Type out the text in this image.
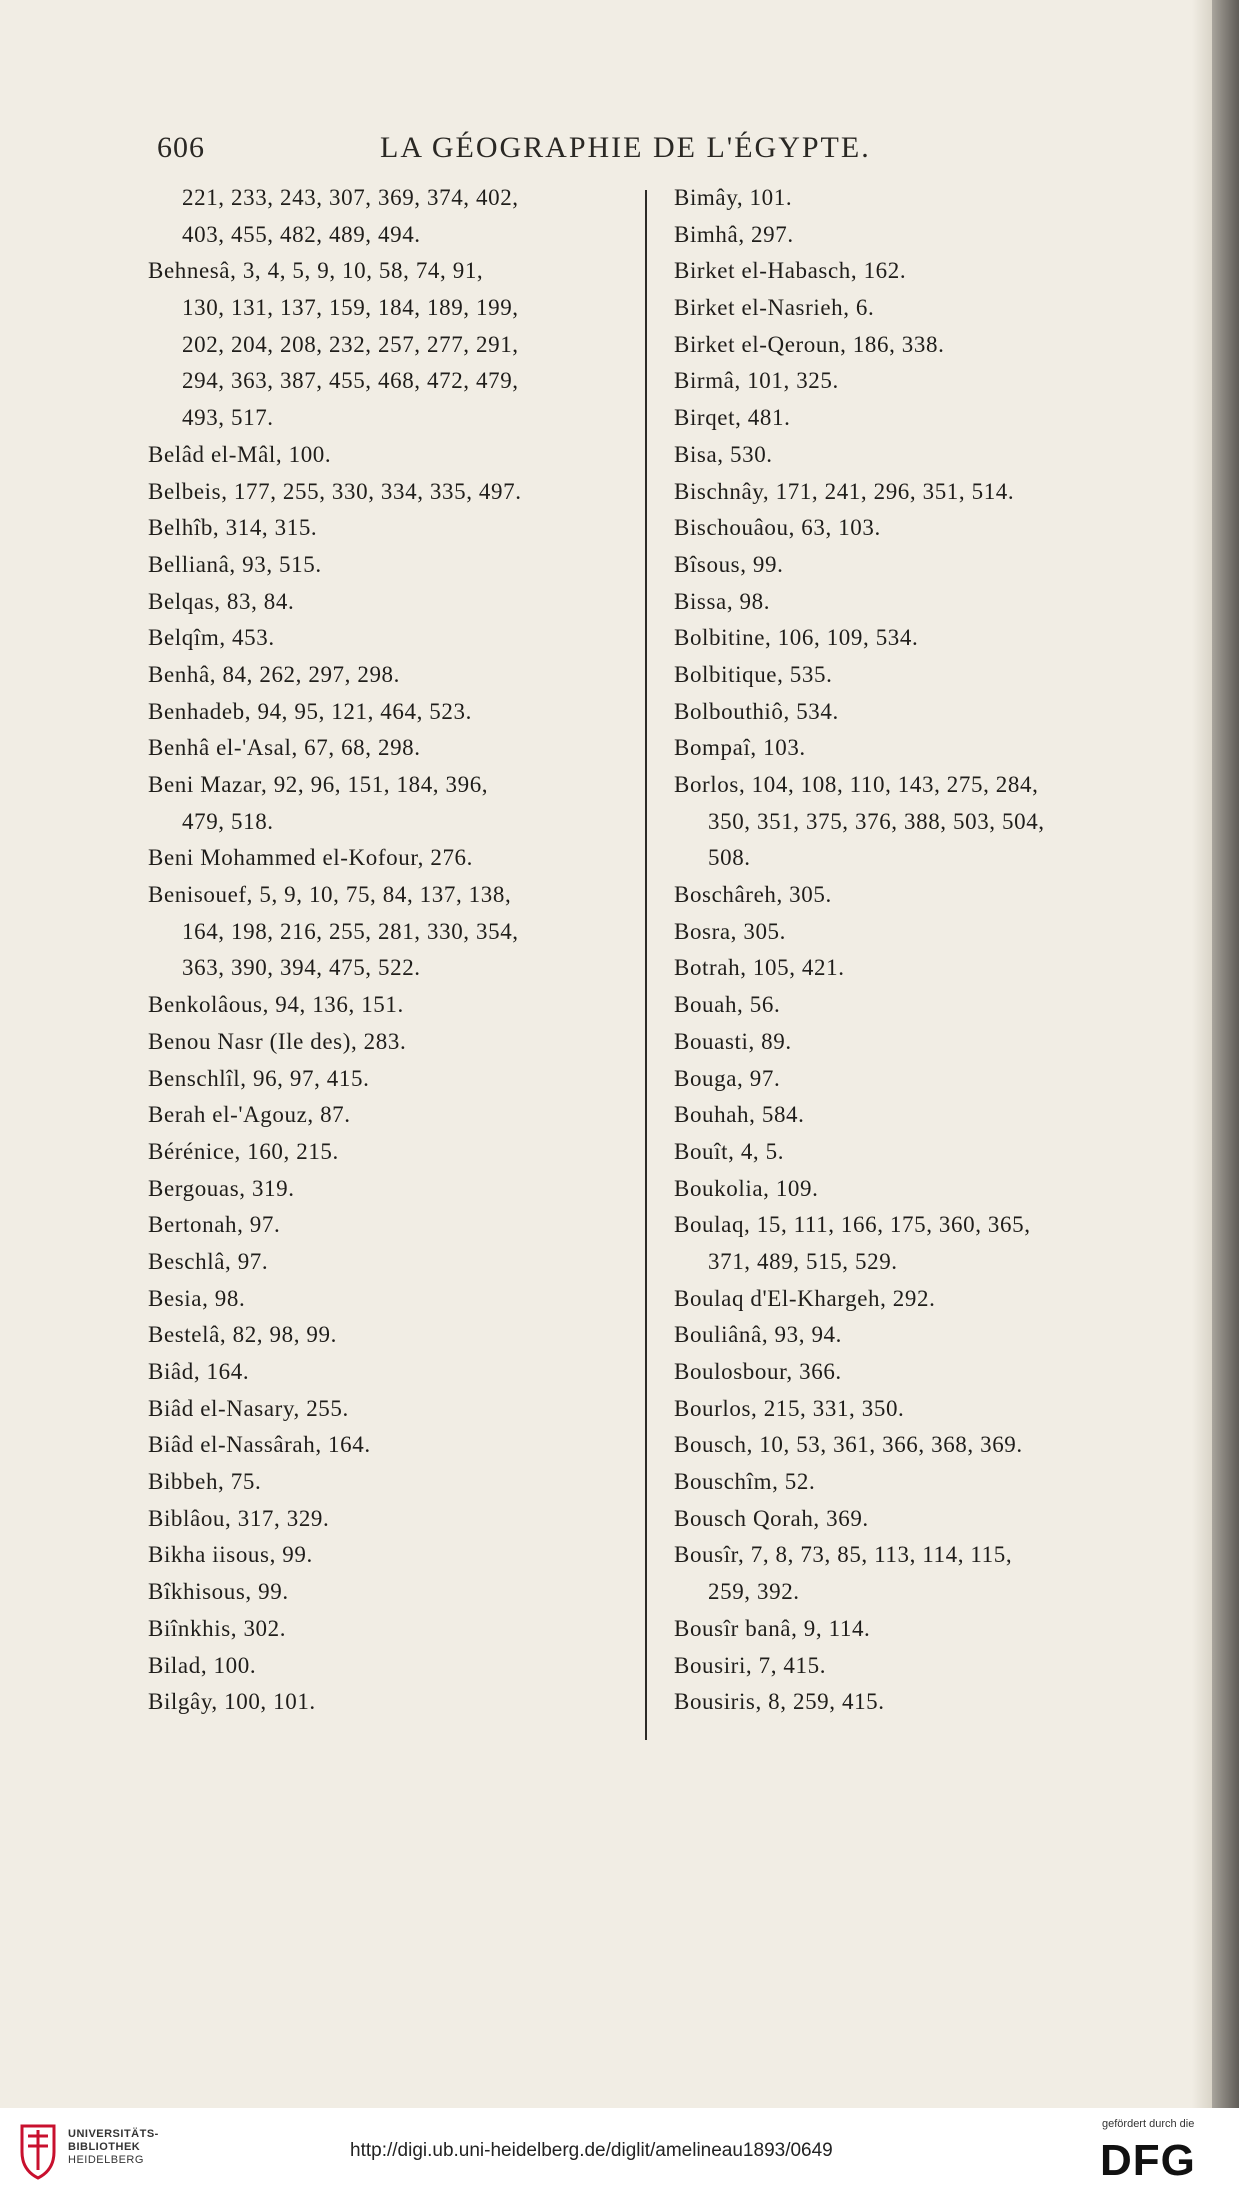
606	LA GÉOGRAPHIE DE L'ÉGYPTE.
221, 233, 243, 307, 369, 374, 402,
403, 455, 482, 489, 494.
Behnesâ, 3, 4, 5, 9, 10, 58, 74, 91,
130, 131, 137, 159, 184, 189, 199,
202, 204, 208, 232, 257, 277, 291,
294, 363, 387, 455, 468, 472, 479,
493, 517.
Belâd el-Mâl, 100.
Belbeis, 177, 255, 330, 334, 335, 497.
Belhîb, 314, 315.
Bellianâ, 93, 515.
Belqas, 83, 84.
Belqîm, 453.
Benhâ, 84, 262, 297, 298.
Benhadeb, 94, 95, 121, 464, 523.
Benhâ el-'Asal, 67, 68, 298.
Beni Mazar, 92, 96, 151, 184, 396,
479, 518.
Beni Mohammed el-Kofour, 276.
Benisouef, 5, 9, 10, 75, 84, 137, 138,
164, 198, 216, 255, 281, 330, 354,
363, 390, 394, 475, 522.
Benkolâous, 94, 136, 151.
Benou Nasr (Ile des), 283.
Benschlîl, 96, 97, 415.
Berah el-'Agouz, 87.
Bérénice, 160, 215.
Bergouas, 319.
Bertonah, 97.
Beschlâ, 97.
Besia, 98.
Bestelâ, 82, 98, 99.
Biâd, 164.
Biâd el-Nasary, 255.
Biâd el-Nassârah, 164.
Bibbeh, 75.
Biblâou, 317, 329.
Bikha iisous, 99.
Bîkhisous, 99.
Biînkhis, 302.
Bilad, 100.
Bilgây, 100, 101.
Bimây, 101.
Bimhâ, 297.
Birket el-Habasch, 162.
Birket el-Nasrieh, 6.
Birket el-Qeroun, 186, 338.
Birmâ, 101, 325.
Birqet, 481.
Bisa, 530.
Bischnây, 171, 241, 296, 351, 514.
Bischouâou, 63, 103.
Bîsous, 99.
Bissa, 98.
Bolbitine, 106, 109, 534.
Bolbitique, 535.
Bolbouthiô, 534.
Bompaî, 103.
Borlos, 104, 108, 110, 143, 275, 284,
350, 351, 375, 376, 388, 503, 504,
508.
Boschâreh, 305.
Bosra, 305.
Botrah, 105, 421.
Bouah, 56.
Bouasti, 89.
Bouga, 97.
Bouhah, 584.
Bouît, 4, 5.
Boukolia, 109.
Boulaq, 15, 111, 166, 175, 360, 365,
371, 489, 515, 529.
Boulaq d'El-Khargeh, 292.
Bouliânâ, 93, 94.
Boulosbour, 366.
Bourlos, 215, 331, 350.
Bousch, 10, 53, 361, 366, 368, 369.
Bouschîm, 52.
Bousch Qorah, 369.
Bousîr, 7, 8, 73, 85, 113, 114, 115,
259, 392.
Bousîr banâ, 9, 114.
Bousiri, 7, 415.
Bousiris, 8, 259, 415.
UNIVERSITÄTS-
BIBLIOTHEK
HEIDELBERG	http://digi.ub.uni-heidelberg.de/diglit/amelineau1893/0649
gefördert durch die
DFG
